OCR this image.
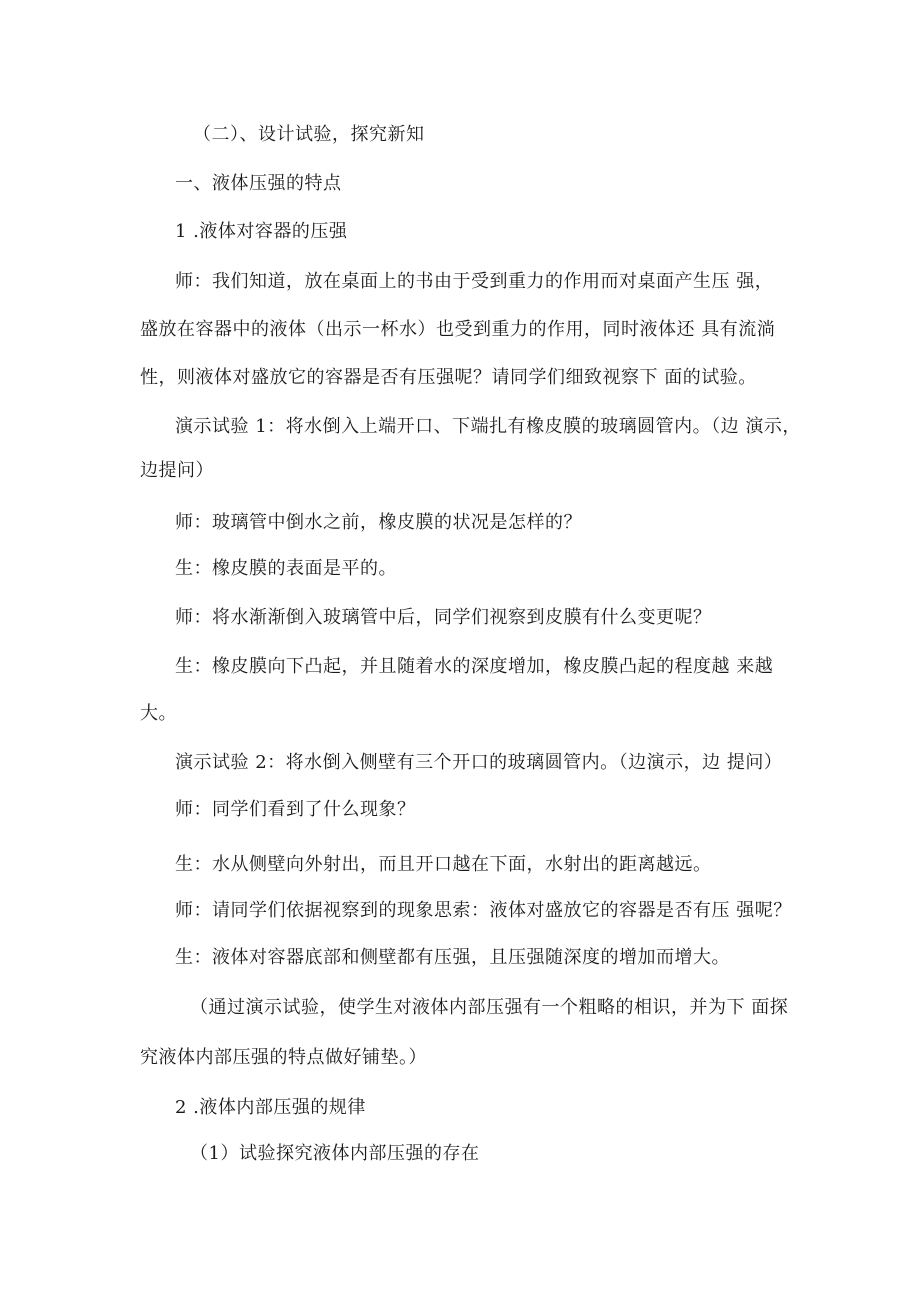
（二）、设计试验，探究新知
一、液体压强的特点
1 .液体对容器的压强
师：我们知道，放在桌面上的书由于受到重力的作用而对桌面产生压 强，
盛放在容器中的液体（出示一杯水）也受到重力的作用，同时液体还 具有流淌
性，则液体对盛放它的容器是否有压强呢？请同学们细致视察下 面的试验。
演示试验 1：将水倒入上端开口、下端扎有橡皮膜的玻璃圆管内。（边 演示，
边提问）
师：玻璃管中倒水之前，橡皮膜的状况是怎样的？
生：橡皮膜的表面是平的。
师：将水渐渐倒入玻璃管中后，同学们视察到皮膜有什么变更呢？
生：橡皮膜向下凸起，并且随着水的深度增加，橡皮膜凸起的程度越 来越
大。
演示试验 2：将水倒入侧壁有三个开口的玻璃圆管内。（边演示，边 提问）
师：同学们看到了什么现象？
生：水从侧壁向外射出，而且开口越在下面，水射出的距离越远。
师：请同学们依据视察到的现象思索：液体对盛放它的容器是否有压 强呢？
生：液体对容器底部和侧壁都有压强，且压强随深度的增加而增大。
（通过演示试验，使学生对液体内部压强有一个粗略的相识，并为下 面探
究液体内部压强的特点做好铺垫。）
2 .液体内部压强的规律
（1）试验探究液体内部压强的存在
